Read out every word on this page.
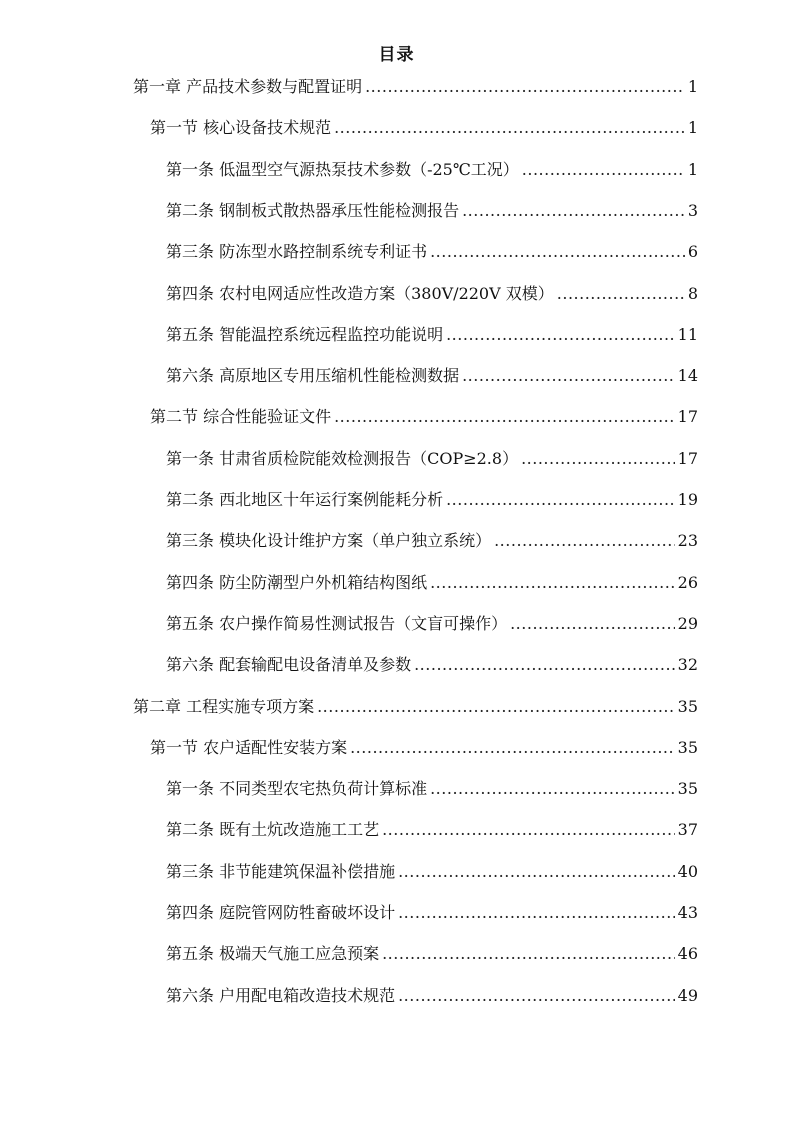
目录
第一章 产品技术参数与配置证明 .....	1
第一节 核心设备技术规范 .....	1
第一条 低温型空气源热泵技术参数（-25℃工况） .....	1
第二条 钢制板式散热器承压性能检测报告 .....	3
第三条 防冻型水路控制系统专利证书 .....	6
第四条 农村电网适应性改造方案（380V/220V 双模） .....	8
第五条 智能温控系统远程监控功能说明 .....	11
第六条 高原地区专用压缩机性能检测数据 .....	14
第二节 综合性能验证文件 .....	17
第一条 甘肃省质检院能效检测报告（COP≥2.8） .....	17
第二条 西北地区十年运行案例能耗分析 .....	19
第三条 模块化设计维护方案（单户独立系统） .....	23
第四条 防尘防潮型户外机箱结构图纸 .....	26
第五条 农户操作简易性测试报告（文盲可操作） .....	29
第六条 配套输配电设备清单及参数 .....	32
第二章 工程实施专项方案 .....	35
第一节 农户适配性安装方案 .....	35
第一条 不同类型农宅热负荷计算标准 .....	35
第二条 既有土炕改造施工工艺 .....	37
第三条 非节能建筑保温补偿措施 .....	40
第四条 庭院管网防牲畜破坏设计 .....	43
第五条 极端天气施工应急预案 .....	46
第六条 户用配电箱改造技术规范 .....	49
